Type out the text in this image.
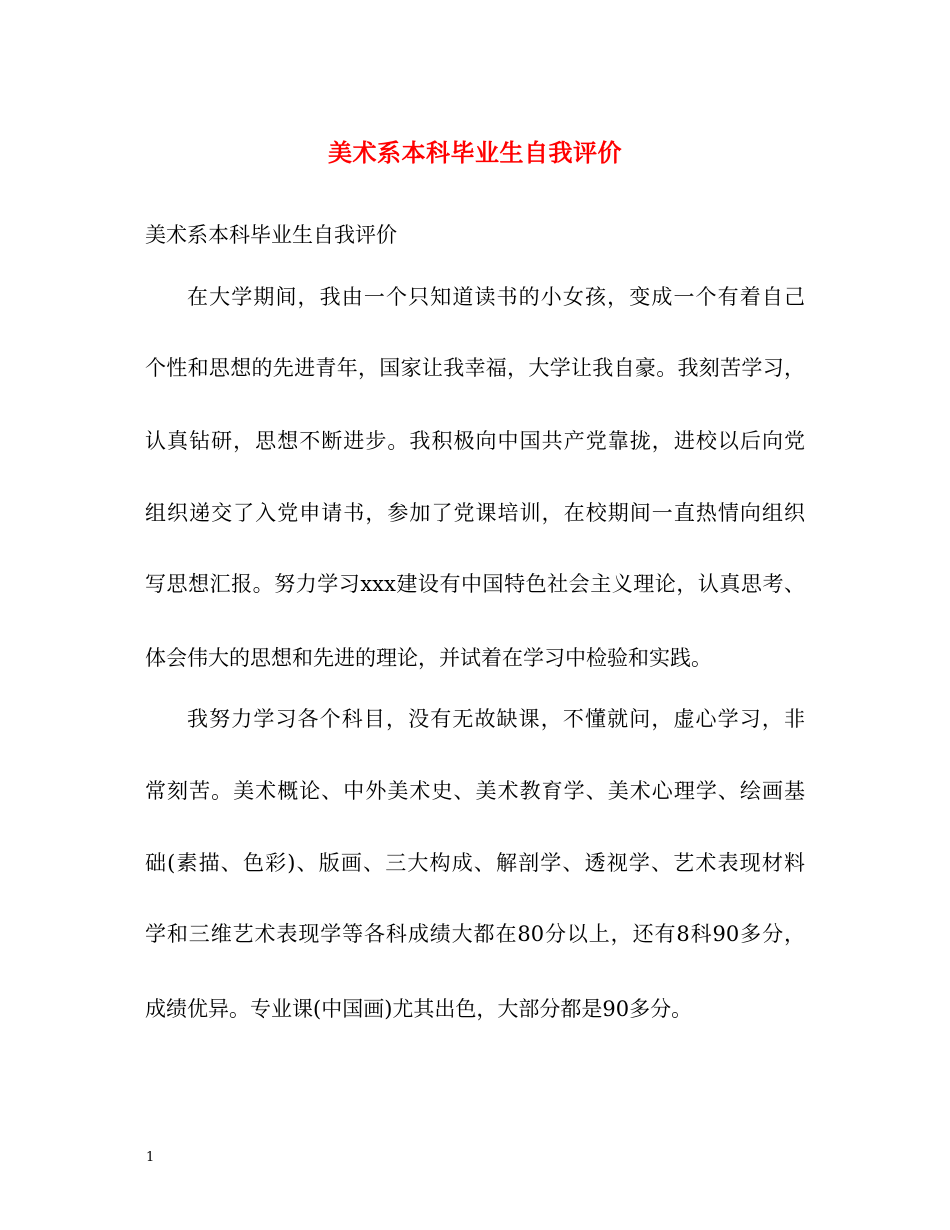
美术系本科毕业生自我评价
美术系本科毕业生自我评价
在大学期间，我由一个只知道读书的小女孩，变成一个有着自己
个性和思想的先进青年，国家让我幸福，大学让我自豪。我刻苦学习，
认真钻研，思想不断进步。我积极向中国共产党靠拢，进校以后向党
组织递交了入党申请书，参加了党课培训，在校期间一直热情向组织
写思想汇报。努力学习xxx建设有中国特色社会主义理论，认真思考、
体会伟大的思想和先进的理论，并试着在学习中检验和实践。
我努力学习各个科目，没有无故缺课，不懂就问，虚心学习，非
常刻苦。美术概论、中外美术史、美术教育学、美术心理学、绘画基
础(素描、色彩)、版画、三大构成、解剖学、透视学、艺术表现材料
学和三维艺术表现学等各科成绩大都在80分以上，还有8科90多分，
成绩优异。专业课(中国画)尤其出色，大部分都是90多分。
1
